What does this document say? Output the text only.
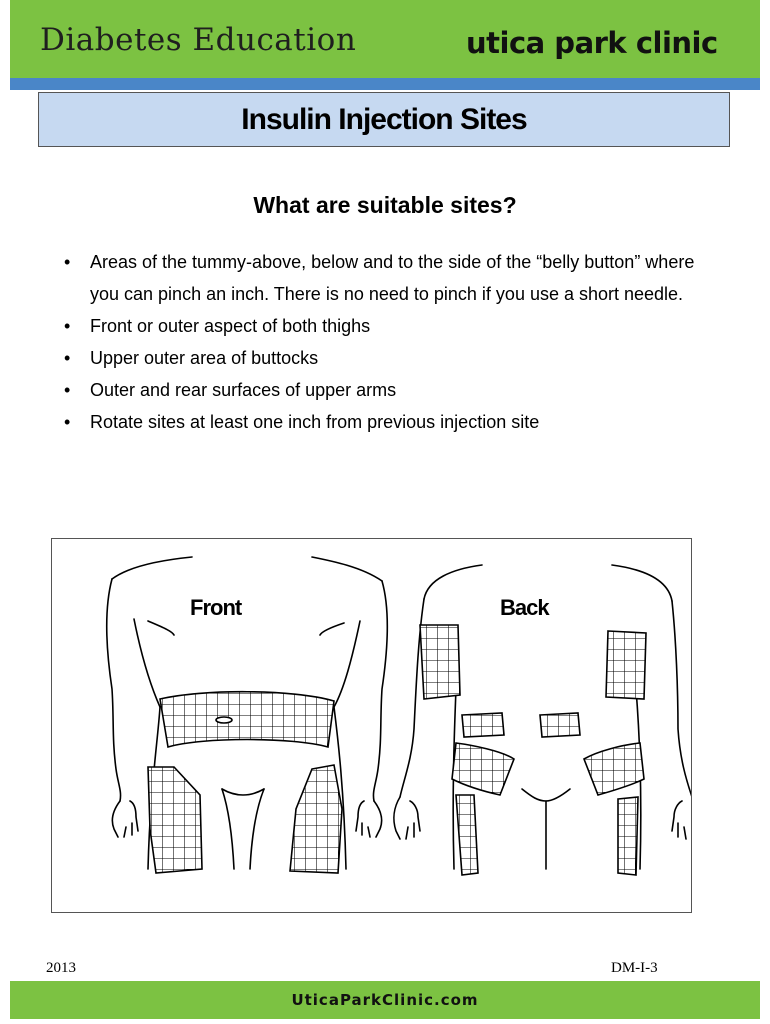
Diabetes Education	utica park clinic
Insulin Injection Sites
What are suitable sites?
• Areas of the tummy-above, below and to the side of the “belly button” where you can pinch an inch. There is no need to pinch if you use a short needle.
• Front or outer aspect of both thighs
• Upper outer area of buttocks
• Outer and rear surfaces of upper arms
• Rotate sites at least one inch from previous injection site
Front	Back
2013	DM-I-3
UticaParkClinic.com
